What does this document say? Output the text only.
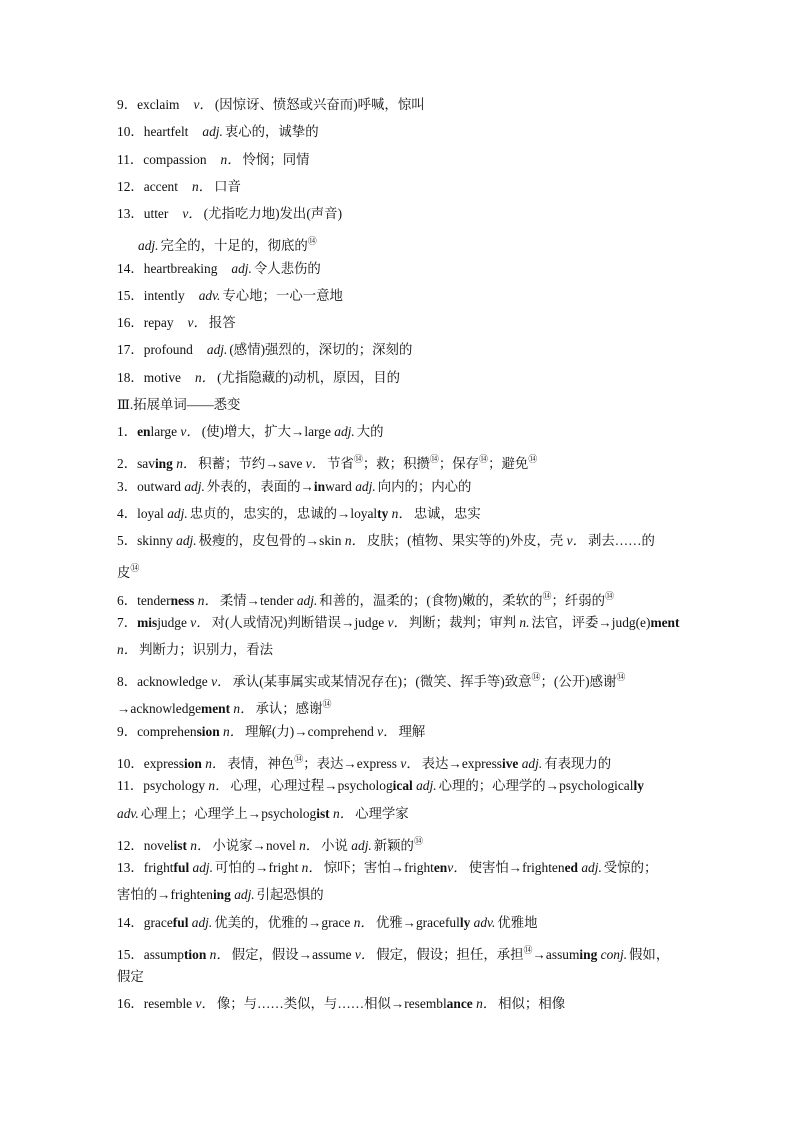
9．exclaim v． (因惊讶、愤怒或兴奋而)呼喊，惊叫
10．heartfelt adj. 衷心的，诚挚的
11．compassion n． 怜悯；同情
12．accent n． 口音
13．utter v． (尤指吃力地)发出(声音)
adj. 完全的，十足的，彻底的⑭
14．heartbreaking adj. 令人悲伤的
15．intently adv. 专心地；一心一意地
16．repay v． 报答
17．profound adj. (感情)强烈的，深切的；深刻的
18．motive n． (尤指隐藏的)动机，原因，目的
Ⅲ.拓展单词——悉变
1．enlarge v． (使)增大，扩大→large adj. 大的
2．saving n． 积蓄；节约→save v． 节省⑭；救；积攒⑭；保存⑭；避免⑭
3．outward adj. 外表的，表面的→inward adj. 向内的；内心的
4．loyal adj. 忠贞的，忠实的，忠诚的→loyalty n． 忠诚，忠实
5．skinny adj. 极瘦的，皮包骨的→skin n． 皮肤；(植物、果实等的)外皮，壳 v． 剥去……的
皮⑭
6．tenderness n． 柔情→tender adj. 和善的，温柔的；(食物)嫩的，柔软的⑭；纤弱的⑭
7．misjudge v． 对(人或情况)判断错误→judge v． 判断；裁判；审判 n. 法官，评委→judg(e)ment
n． 判断力；识别力，看法
8．acknowledge v． 承认(某事属实或某情况存在)；(微笑、挥手等)致意⑭；(公开)感谢⑭
→acknowledgement n． 承认；感谢⑭
9．comprehension n． 理解(力)→comprehend v． 理解
10．expression n． 表情，神色⑭；表达→express v． 表达→expressive adj. 有表现力的
11．psychology n． 心理，心理过程→psychological adj. 心理的；心理学的→psychologically
adv. 心理上；心理学上→psychologist n． 心理学家
12．novelist n． 小说家→novel n． 小说 adj. 新颖的⑭
13．frightful adj. 可怕的→fright n． 惊吓；害怕→frightenv． 使害怕→frightened adj. 受惊的；
害怕的→frightening adj. 引起恐惧的
14．graceful adj. 优美的，优雅的→grace n． 优雅→gracefully adv. 优雅地
15．assumption n． 假定，假设→assume v． 假定，假设；担任，承担⑭→assuming conj. 假如，
假定
16．resemble v． 像；与……类似，与……相似→resemblance n． 相似；相像
